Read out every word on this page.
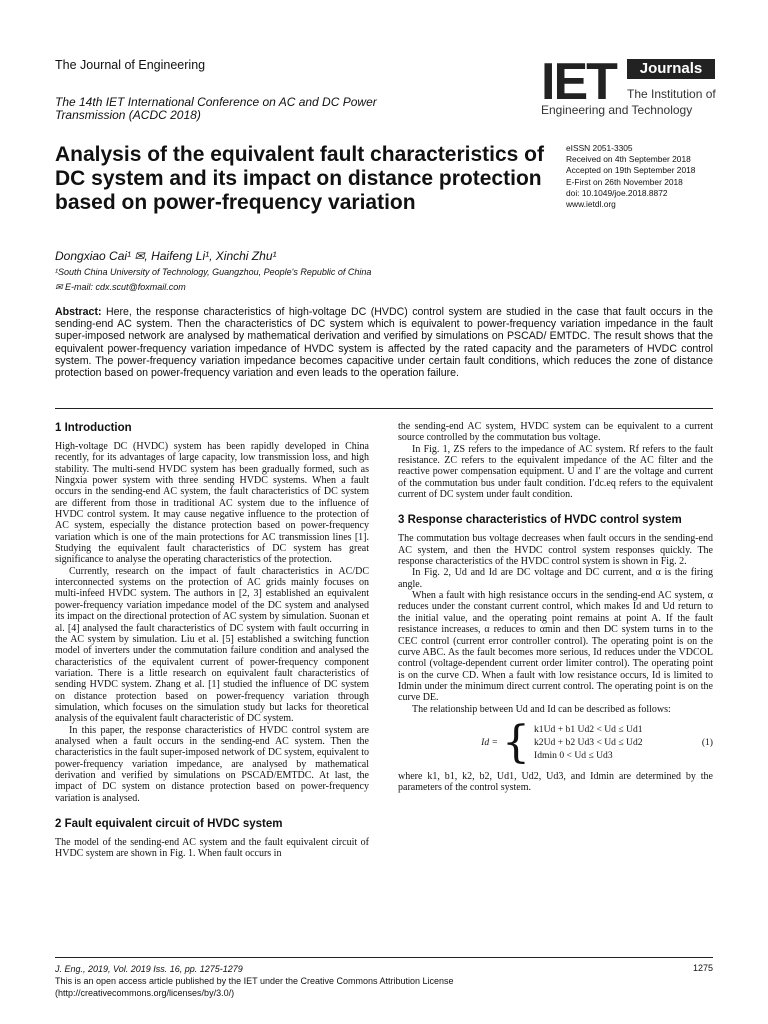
The Journal of Engineering
The 14th IET International Conference on AC and DC Power Transmission (ACDC 2018)
IET	Journals
The Institution of
Engineering and Technology
Analysis of the equivalent fault characteristics of DC system and its impact on distance protection based on power-frequency variation
eISSN 2051-3305
Received on 4th September 2018
Accepted on 19th September 2018
E-First on 26th November 2018
doi: 10.1049/joe.2018.8872
www.ietdl.org
Dongxiao Cai¹ ✉, Haifeng Li¹, Xinchi Zhu¹
¹South China University of Technology, Guangzhou, People's Republic of China
✉ E-mail: cdx.scut@foxmail.com
Abstract: Here, the response characteristics of high-voltage DC (HVDC) control system are studied in the case that fault occurs in the sending-end AC system. Then the characteristics of DC system which is equivalent to power-frequency variation impedance in the fault super-imposed network are analysed by mathematical derivation and verified by simulations on PSCAD/ EMTDC. The result shows that the equivalent power-frequency variation impedance of HVDC system is affected by the rated capacity and the parameters of HVDC control system. The power-frequency variation impedance becomes capacitive under certain fault conditions, which reduces the zone of distance protection based on power-frequency variation and even leads to the operation failure.
1 Introduction

High-voltage DC (HVDC) system has been rapidly developed in China recently, for its advantages of large capacity, low transmission loss, and high stability. The multi-send HVDC system has been gradually formed, such as Ningxia power system with three sending HVDC systems. When a fault occurs in the sending-end AC system, the fault characteristics of DC system are different from those in traditional AC system due to the influence of HVDC control system. It may cause negative influence to the protection of AC system, especially the distance protection based on power-frequency variation which is one of the main protections for AC transmission lines [1]. Studying the equivalent fault characteristics of DC system has great significance to analyse the operating characteristics of the protection.

Currently, research on the impact of fault characteristics in AC/DC interconnected systems on the protection of AC grids mainly focuses on multi-infeed HVDC system. The authors in [2, 3] established an equivalent power-frequency variation impedance model of the DC system and analysed its impact on the directional protection of AC system by simulation. Suonan et al. [4] analysed the fault characteristics of DC system with fault occurring in the AC system by simulation. Liu et al. [5] established a switching function model of inverters under the commutation failure condition and analysed the characteristics of the equivalent current of power-frequency component variation. There is a little research on equivalent fault characteristics of sending HVDC system. Zhang et al. [1] studied the influence of DC system on distance protection based on power-frequency variation through simulation, which focuses on the simulation study but lacks for theoretical analysis of the equivalent fault characteristic of DC system.

In this paper, the response characteristics of HVDC control system are analysed when a fault occurs in the sending-end AC system. Then the characteristics in the fault super-imposed network of DC system, equivalent to power-frequency variation impedance, are analysed by mathematical derivation and verified by simulations on PSCAD/EMTDC. At last, the impact of DC system on distance protection based on power-frequency variation is analysed.

2 Fault equivalent circuit of HVDC system

The model of the sending-end AC system and the fault equivalent circuit of HVDC system are shown in Fig. 1. When fault occurs in

the sending-end AC system, HVDC system can be equivalent to a current source controlled by the commutation bus voltage.

In Fig. 1, ZS refers to the impedance of AC system. Rf refers to the fault resistance. ZC refers to the equivalent impedance of the AC filter and the reactive power compensation equipment. U and I′ are the voltage and current of the commutation bus under fault condition. I′dc.eq refers to the equivalent current of DC system under fault condition.

3 Response characteristics of HVDC control system

The commutation bus voltage decreases when fault occurs in the sending-end AC system, and then the HVDC control system responses quickly. The response characteristics of the HVDC control system is shown in Fig. 2.

In Fig. 2, Ud and Id are DC voltage and DC current, and α is the firing angle.

When a fault with high resistance occurs in the sending-end AC system, α reduces under the constant current control, which makes Id and Ud return to the initial value, and the operating point remains at point A. If the fault resistance increases, α reduces to αmin and then DC system turns in to the CEC control (current error controller control). The operating point is on the curve ABC. As the fault becomes more serious, Id reduces under the VDCOL control (voltage-dependent current order limiter control). The operating point is on the curve CD. When a fault with low resistance occurs, Id is limited to Idmin under the minimum direct current control. The operating point is on the curve DE.

The relationship between Ud and Id can be described as follows:

Id = { k1Ud + b1 Ud2 < Ud ≤ Ud1
k2Ud + b2 Ud3 < Ud ≤ Ud2
Idmin 0 < Ud ≤ Ud3
(1)

where k1, b1, k2, b2, Ud1, Ud2, Ud3, and Idmin are determined by the parameters of the control system.

J. Eng., 2019, Vol. 2019 Iss. 16, pp. 1275-1279
This is an open access article published by the IET under the Creative Commons Attribution License
(http://creativecommons.org/licenses/by/3.0/)
1275
